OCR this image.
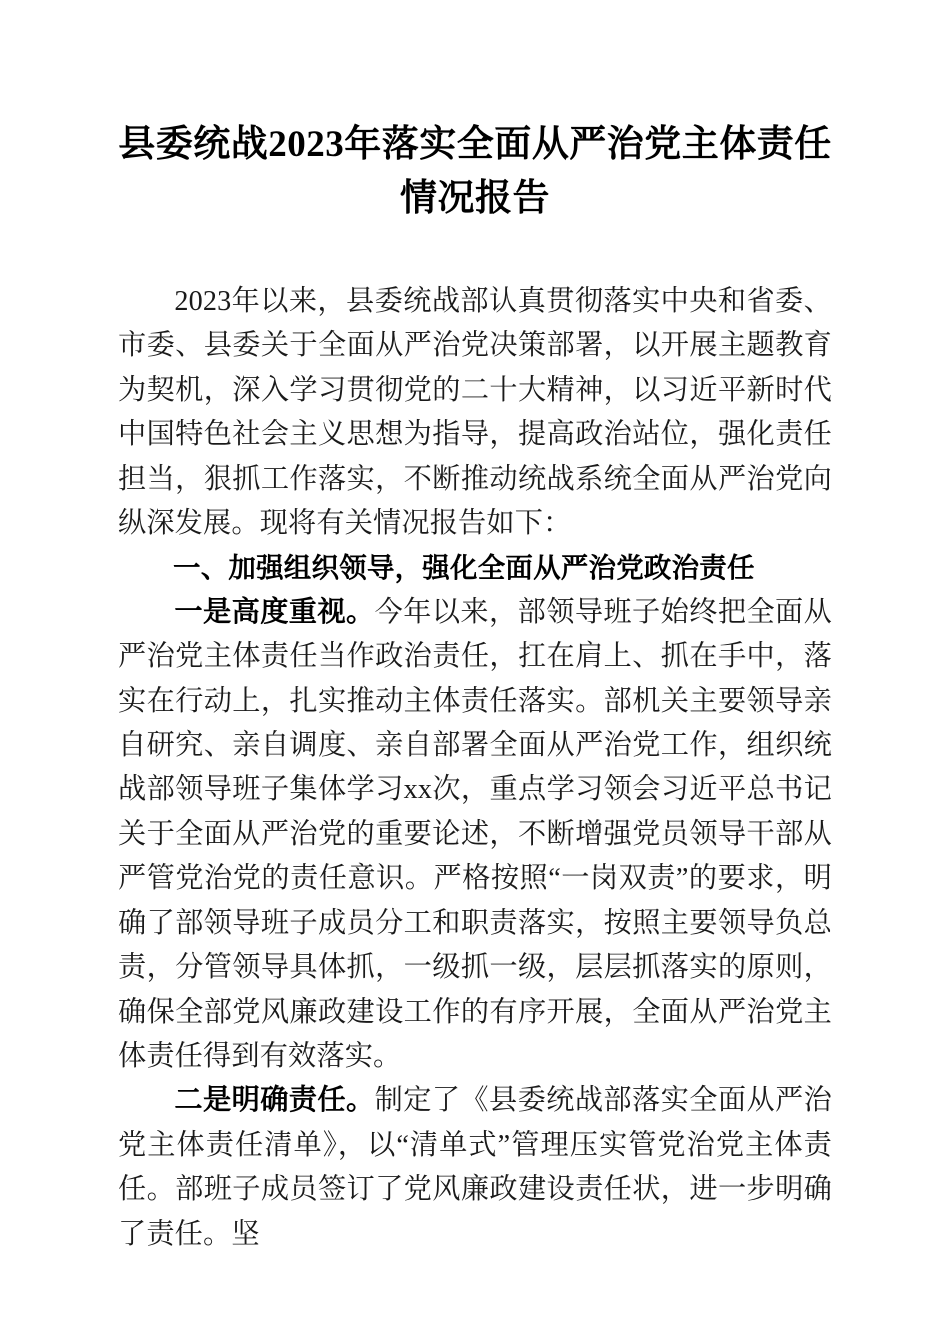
县委统战2023年落实全面从严治党主体责任
情况报告

2023年以来，县委统战部认真贯彻落实中央和省委、市委、县委关于全面从严治党决策部署，以开展主题教育为契机，深入学习贯彻党的二十大精神，以习近平新时代中国特色社会主义思想为指导，提高政治站位，强化责任担当，狠抓工作落实，不断推动统战系统全面从严治党向纵深发展。现将有关情况报告如下：

一、加强组织领导，强化全面从严治党政治责任

一是高度重视。今年以来，部领导班子始终把全面从严治党主体责任当作政治责任，扛在肩上、抓在手中，落实在行动上，扎实推动主体责任落实。部机关主要领导亲自研究、亲自调度、亲自部署全面从严治党工作，组织统战部领导班子集体学习xx次，重点学习领会习近平总书记关于全面从严治党的重要论述，不断增强党员领导干部从严管党治党的责任意识。严格按照“一岗双责”的要求，明确了部领导班子成员分工和职责落实，按照主要领导负总责，分管领导具体抓，一级抓一级，层层抓落实的原则，确保全部党风廉政建设工作的有序开展，全面从严治党主体责任得到有效落实。

二是明确责任。制定了《县委统战部落实全面从严治党主体责任清单》，以“清单式”管理压实管党治党主体责任。部班子成员签订了党风廉政建设责任状，进一步明确了责任。坚
